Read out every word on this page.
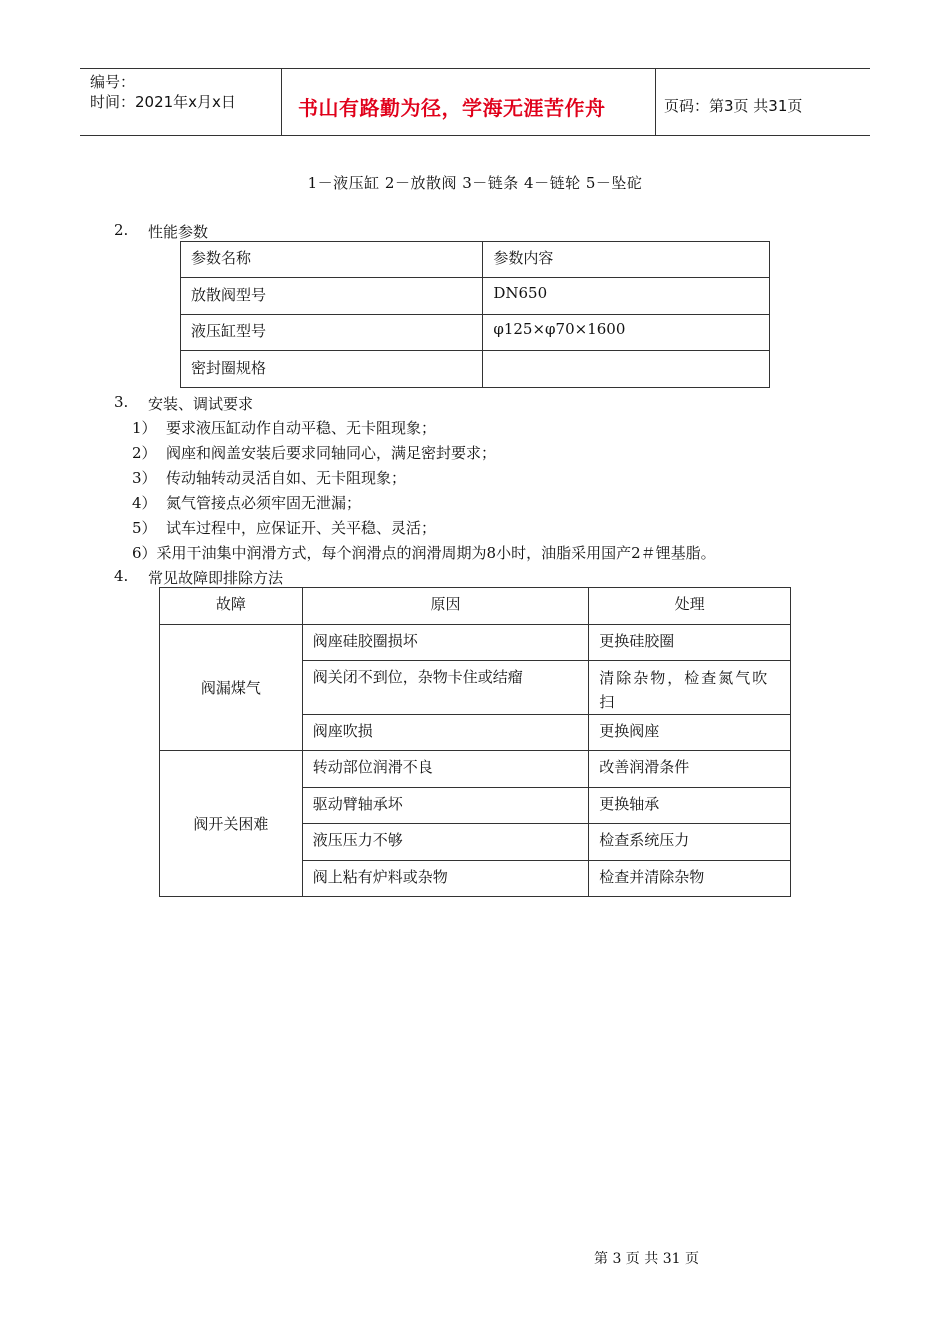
编号：
时间：2021年x月x日	书山有路勤为径，学海无涯苦作舟	页码：第3页 共31页
1－液压缸 2－放散阀 3－链条 4－链轮 5－坠砣
2. 性能参数
参数名称	参数内容
放散阀型号	DN650
液压缸型号	φ125×φ70×1600
密封圈规格	
3. 安装、调试要求
1） 要求液压缸动作自动平稳、无卡阻现象；
2） 阀座和阀盖安装后要求同轴同心，满足密封要求；
3） 传动轴转动灵活自如、无卡阻现象；
4） 氮气管接点必须牢固无泄漏；
5） 试车过程中，应保证开、关平稳、灵活；
6）采用干油集中润滑方式，每个润滑点的润滑周期为8小时，油脂采用国产2＃锂基脂。
4. 常见故障即排除方法
故障	原因	处理
阀漏煤气	阀座硅胶圈损坏	更换硅胶圈
	阀关闭不到位，杂物卡住或结瘤	清除杂物，检查氮气吹扫
	阀座吹损	更换阀座
阀开关困难	转动部位润滑不良	改善润滑条件
	驱动臂轴承坏	更换轴承
	液压压力不够	检查系统压力
	阀上粘有炉料或杂物	检查并清除杂物
第 3 页 共 31 页
